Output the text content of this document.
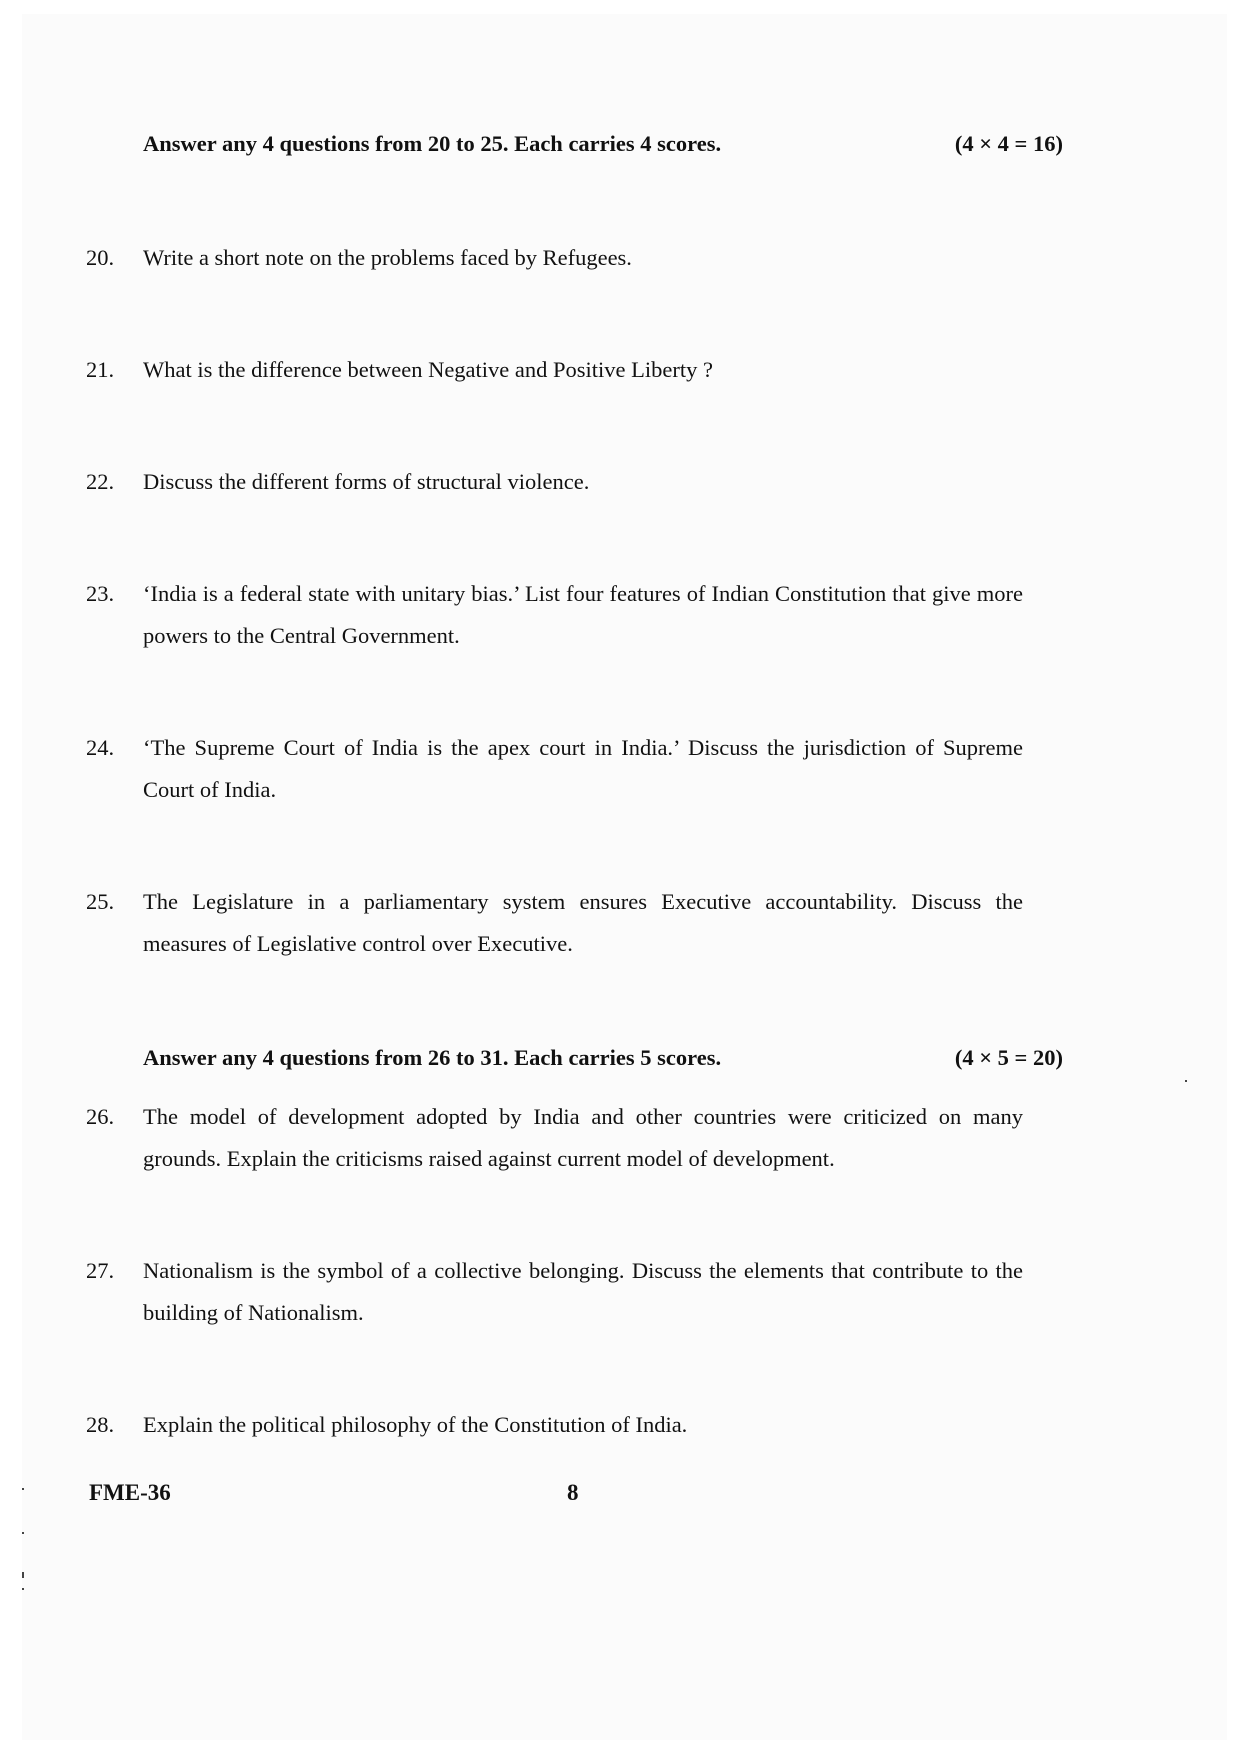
Answer any 4 questions from 20 to 25. Each carries 4 scores.	(4 × 4 = 16)
20.	Write a short note on the problems faced by Refugees.
21.	What is the difference between Negative and Positive Liberty ?
22.	Discuss the different forms of structural violence.
23.	‘India is a federal state with unitary bias.’ List four features of Indian Constitution that give more powers to the Central Government.
24.	‘The Supreme Court of India is the apex court in India.’ Discuss the jurisdiction of Supreme Court of India.
25.	The Legislature in a parliamentary system ensures Executive accountability. Discuss the measures of Legislative control over Executive.
Answer any 4 questions from 26 to 31. Each carries 5 scores.	(4 × 5 = 20)
26.	The model of development adopted by India and other countries were criticized on many grounds. Explain the criticisms raised against current model of development.
27.	Nationalism is the symbol of a collective belonging. Discuss the elements that contribute to the building of Nationalism.
28.	Explain the political philosophy of the Constitution of India.
FME-36	8
